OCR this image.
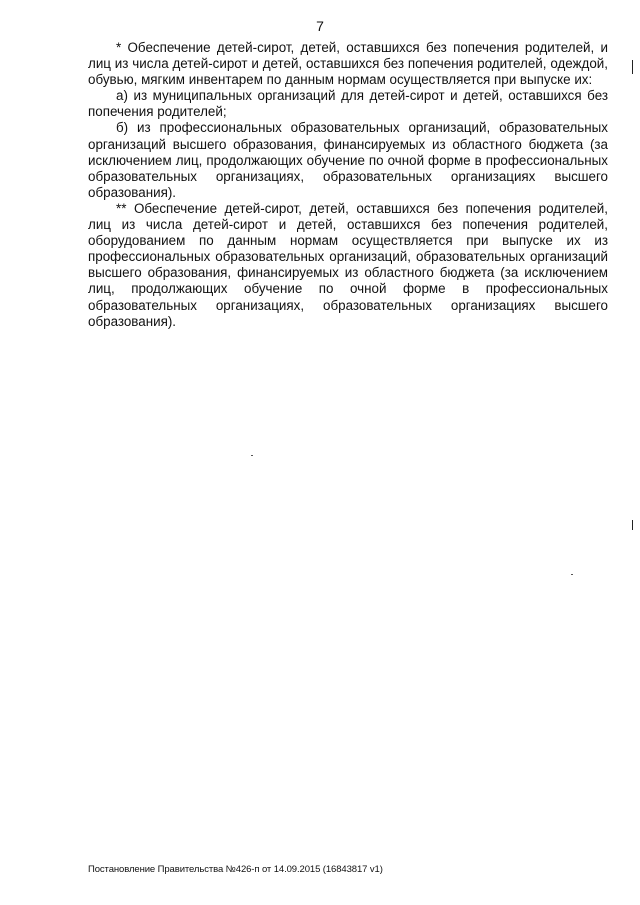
7

* Обеспечение детей-сирот, детей, оставшихся без попечения родителей, и лиц из числа детей-сирот и детей, оставшихся без попечения родителей, одеждой, обувью, мягким инвентарем по данным нормам осуществляется при выпуске их:

а) из муниципальных организаций для детей-сирот и детей, оставшихся без попечения родителей;

б) из профессиональных образовательных организаций, образовательных организаций высшего образования, финансируемых из областного бюджета (за исключением лиц, продолжающих обучение по очной форме в профессиональных образовательных организациях, образовательных организациях высшего образования).

** Обеспечение детей-сирот, детей, оставшихся без попечения родителей, лиц из числа детей-сирот и детей, оставшихся без попечения родителей, оборудованием по данным нормам осуществляется при выпуске их из профессиональных образовательных организаций, образовательных организаций высшего образования, финансируемых из областного бюджета (за исключением лиц, продолжающих обучение по очной форме в профессиональных образовательных организациях, образовательных организациях высшего образования).

Постановление Правительства №426-п от 14.09.2015 (16843817 v1)
